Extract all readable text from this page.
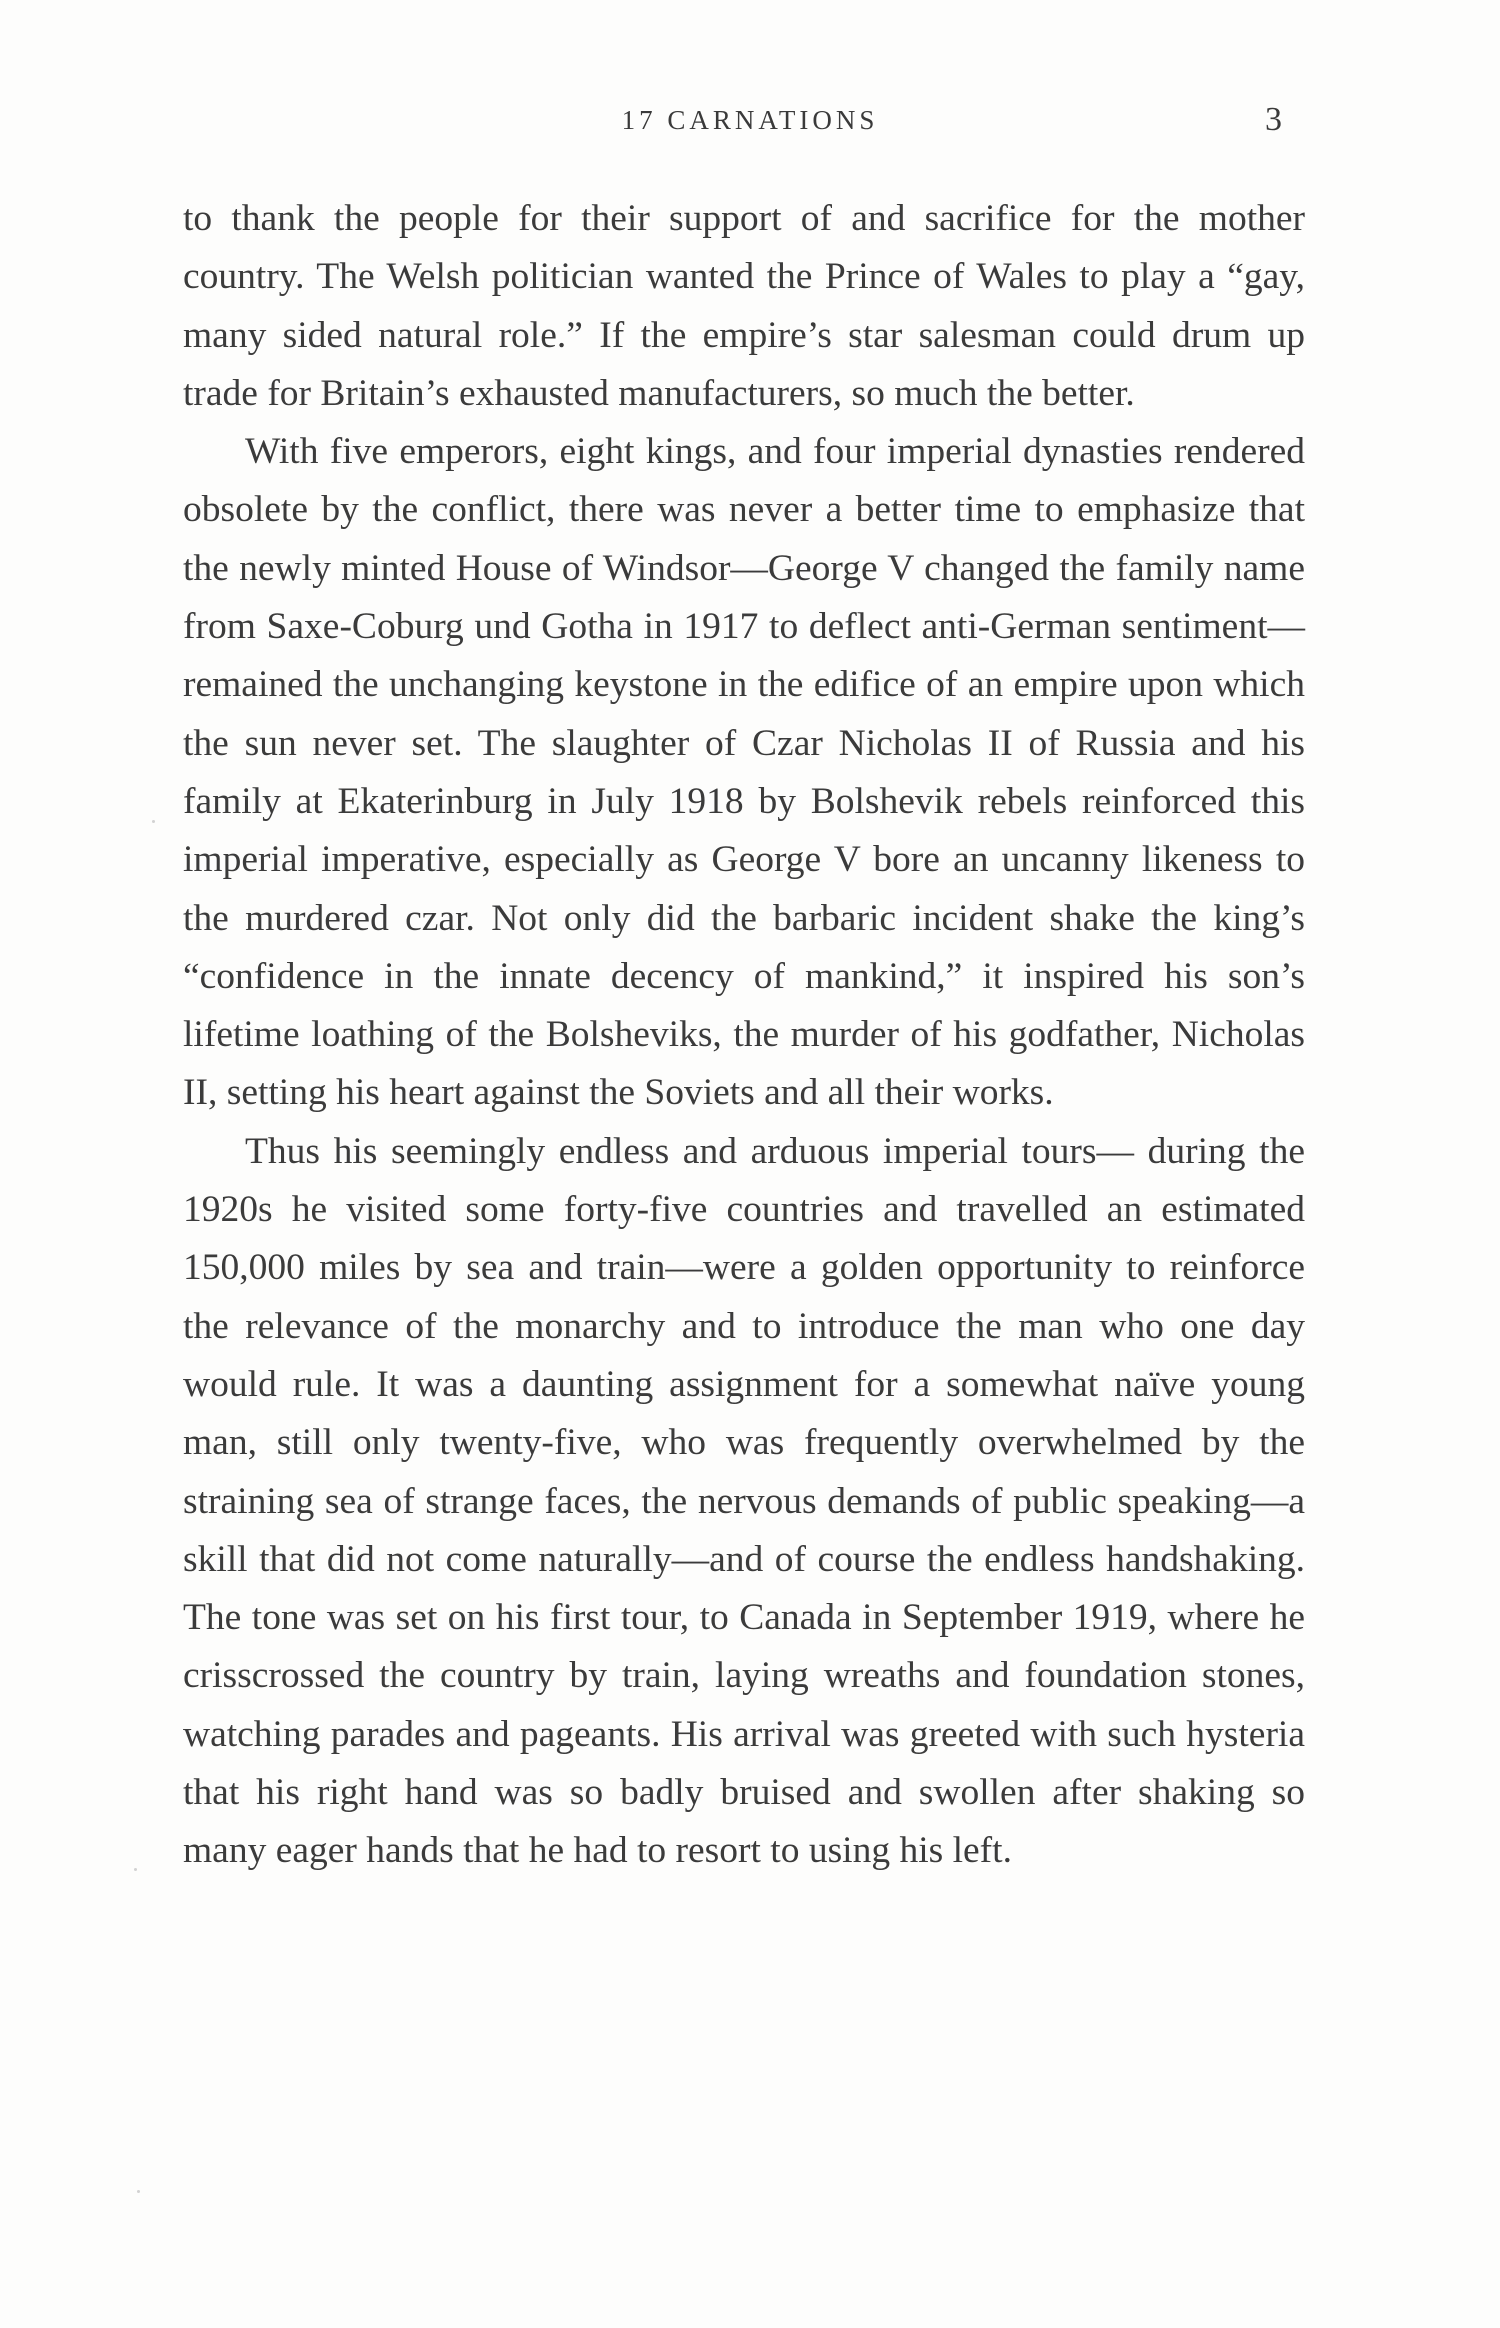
17 CARNATIONS	3

to thank the people for their support of and sacrifice for the mother country. The Welsh politician wanted the Prince of Wales to play a “gay, many sided natural role.” If the empire’s star salesman could drum up trade for Britain’s exhausted manufacturers, so much the better.

With five emperors, eight kings, and four imperial dynasties rendered obsolete by the conflict, there was never a better time to emphasize that the newly minted House of Windsor—George V changed the family name from Saxe-Coburg und Gotha in 1917 to deflect anti-German sentiment—remained the unchanging keystone in the edifice of an empire upon which the sun never set. The slaughter of Czar Nicholas II of Russia and his family at Ekaterinburg in July 1918 by Bolshevik rebels reinforced this imperial imperative, especially as George V bore an uncanny likeness to the murdered czar. Not only did the barbaric incident shake the king’s “confidence in the innate decency of mankind,” it inspired his son’s lifetime loathing of the Bolsheviks, the murder of his godfather, Nicholas II, setting his heart against the Soviets and all their works.

Thus his seemingly endless and arduous imperial tours— during the 1920s he visited some forty-five countries and travelled an estimated 150,000 miles by sea and train—were a golden opportunity to reinforce the relevance of the monarchy and to introduce the man who one day would rule. It was a daunting assignment for a somewhat naïve young man, still only twenty-five, who was frequently overwhelmed by the straining sea of strange faces, the nervous demands of public speaking—a skill that did not come naturally—and of course the endless handshaking. The tone was set on his first tour, to Canada in September 1919, where he crisscrossed the country by train, laying wreaths and foundation stones, watching parades and pageants. His arrival was greeted with such hysteria that his right hand was so badly bruised and swollen after shaking so many eager hands that he had to resort to using his left.
